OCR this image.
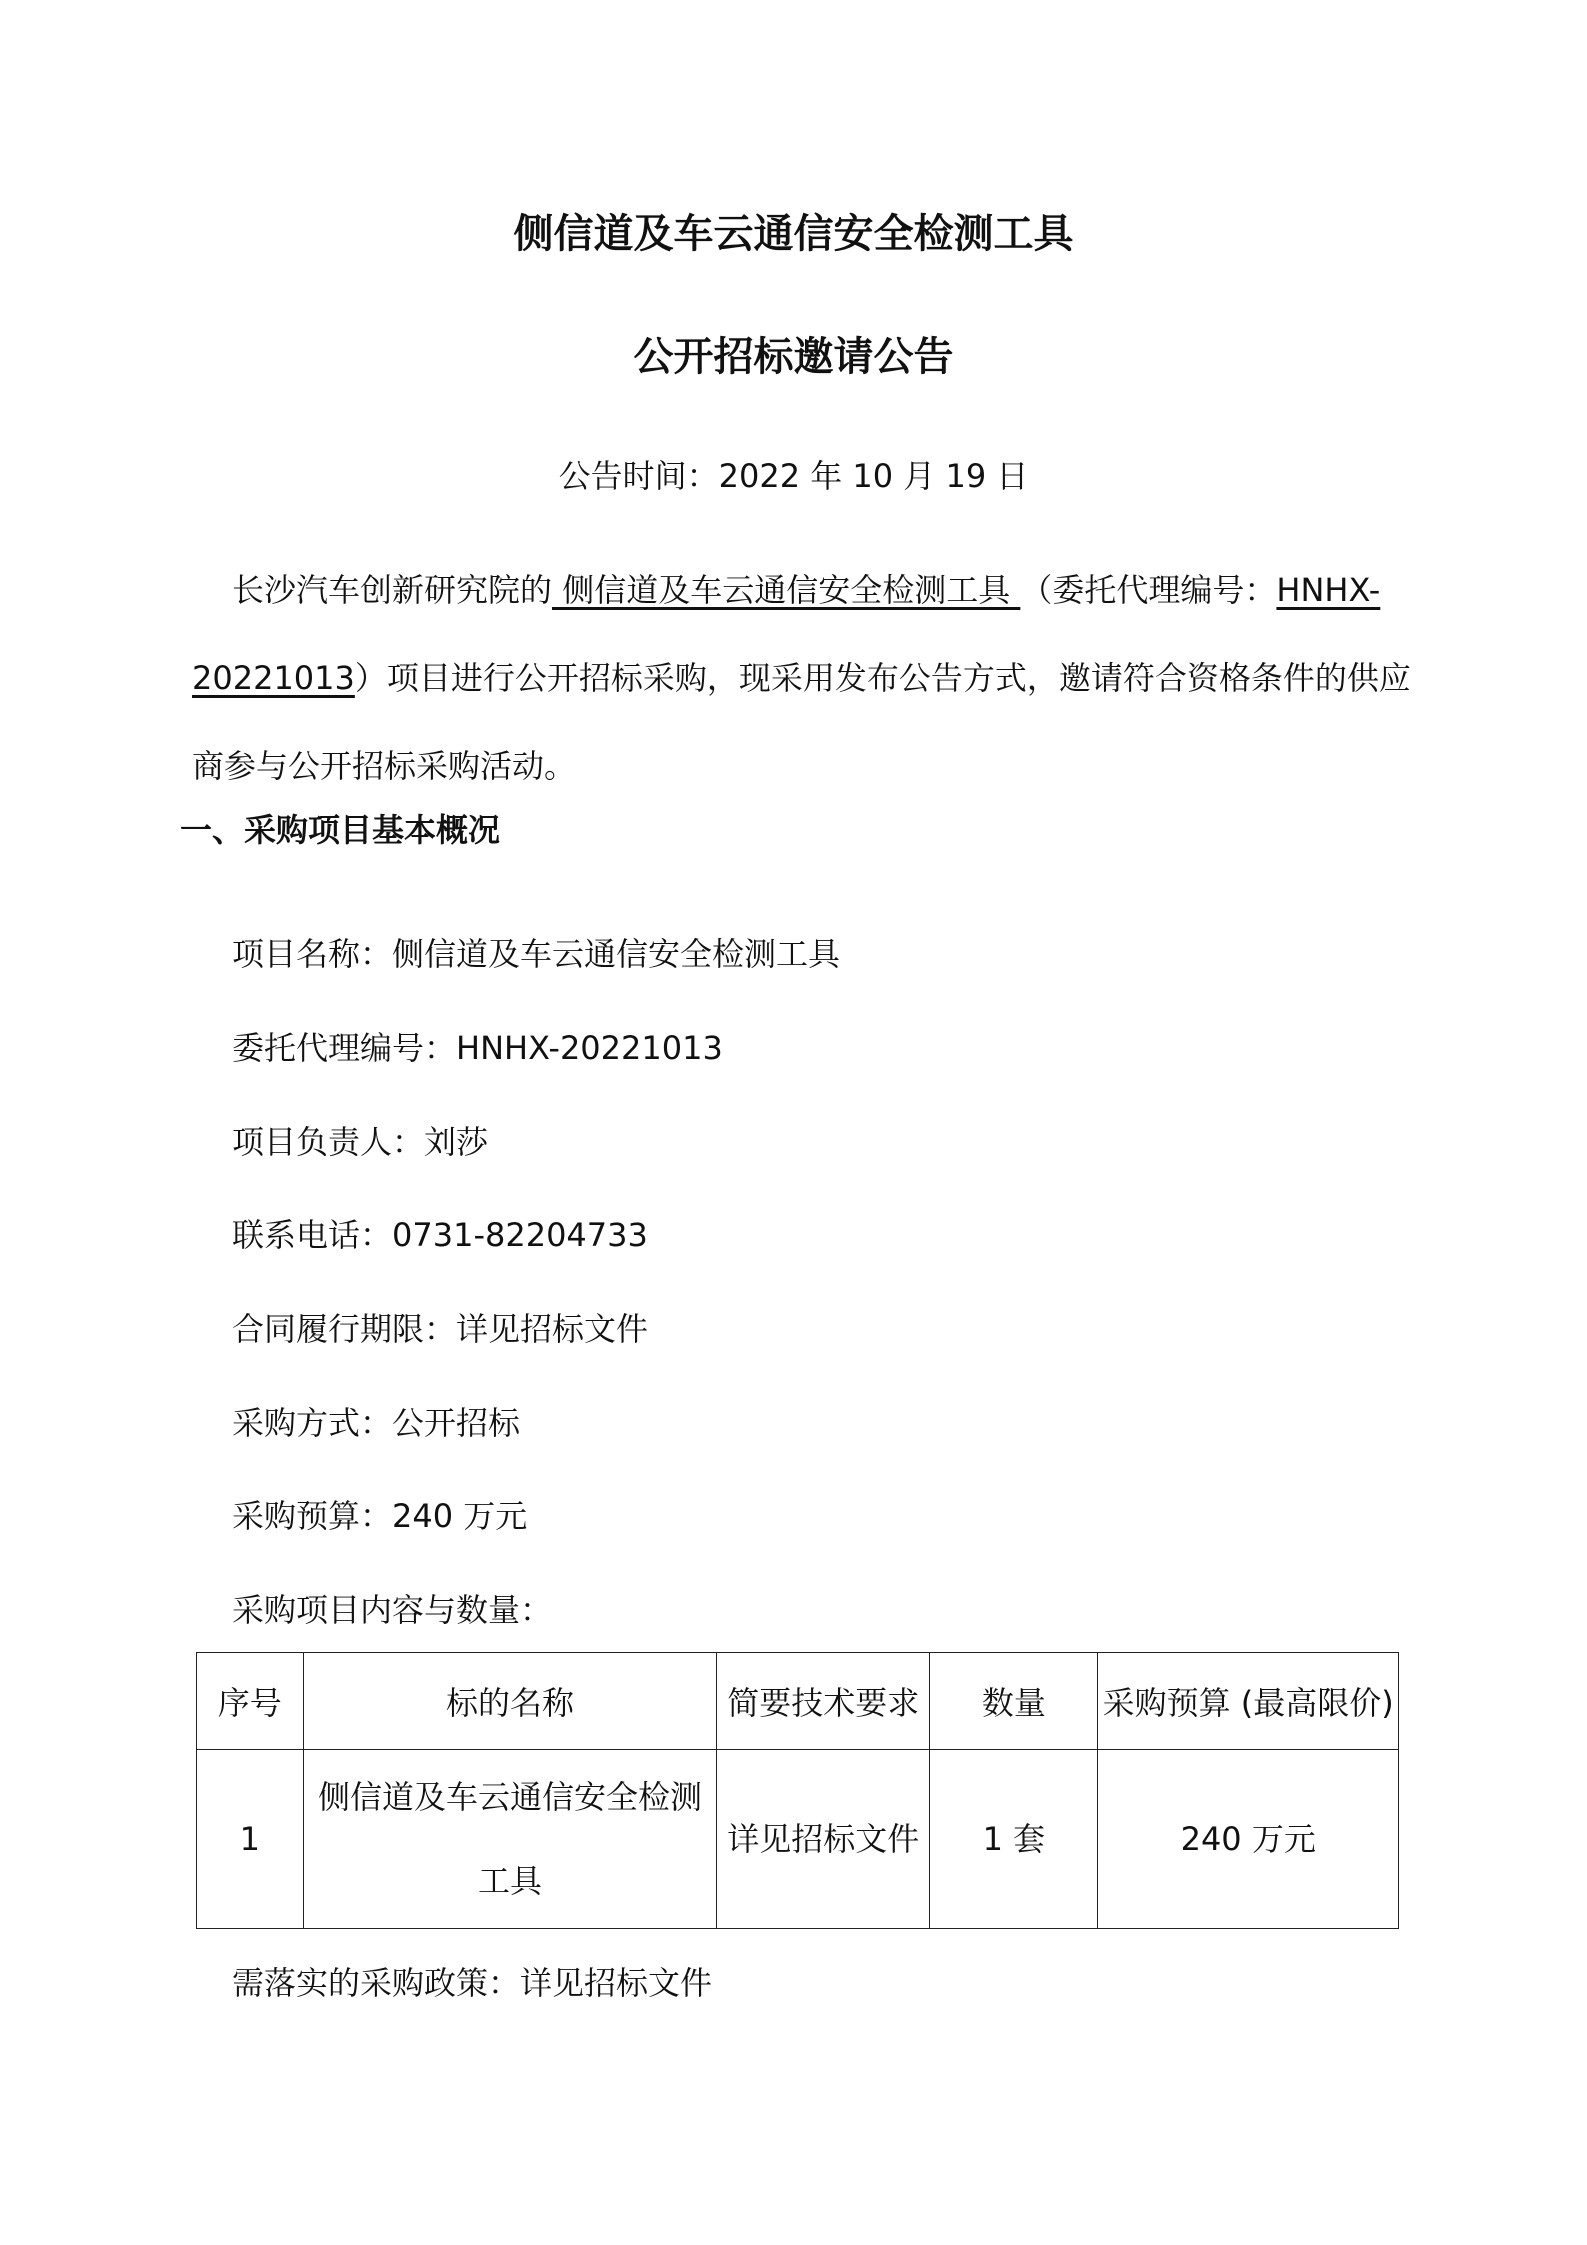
侧信道及车云通信安全检测工具
公开招标邀请公告
公告时间：2022 年 10 月 19 日

长沙汽车创新研究院的 侧信道及车云通信安全检测工具 （委托代理编号：HNHX-20221013）项目进行公开招标采购，现采用发布公告方式，邀请符合资格条件的供应商参与公开招标采购活动。

一、采购项目基本概况
项目名称：侧信道及车云通信安全检测工具
委托代理编号：HNHX-20221013
项目负责人：刘莎
联系电话：0731-82204733
合同履行期限：详见招标文件
采购方式：公开招标
采购预算：240 万元
采购项目内容与数量：
序号	标的名称	简要技术要求	数量	采购预算 (最高限价)
1	侧信道及车云通信安全检测工具	详见招标文件	1 套	240 万元
需落实的采购政策：详见招标文件
